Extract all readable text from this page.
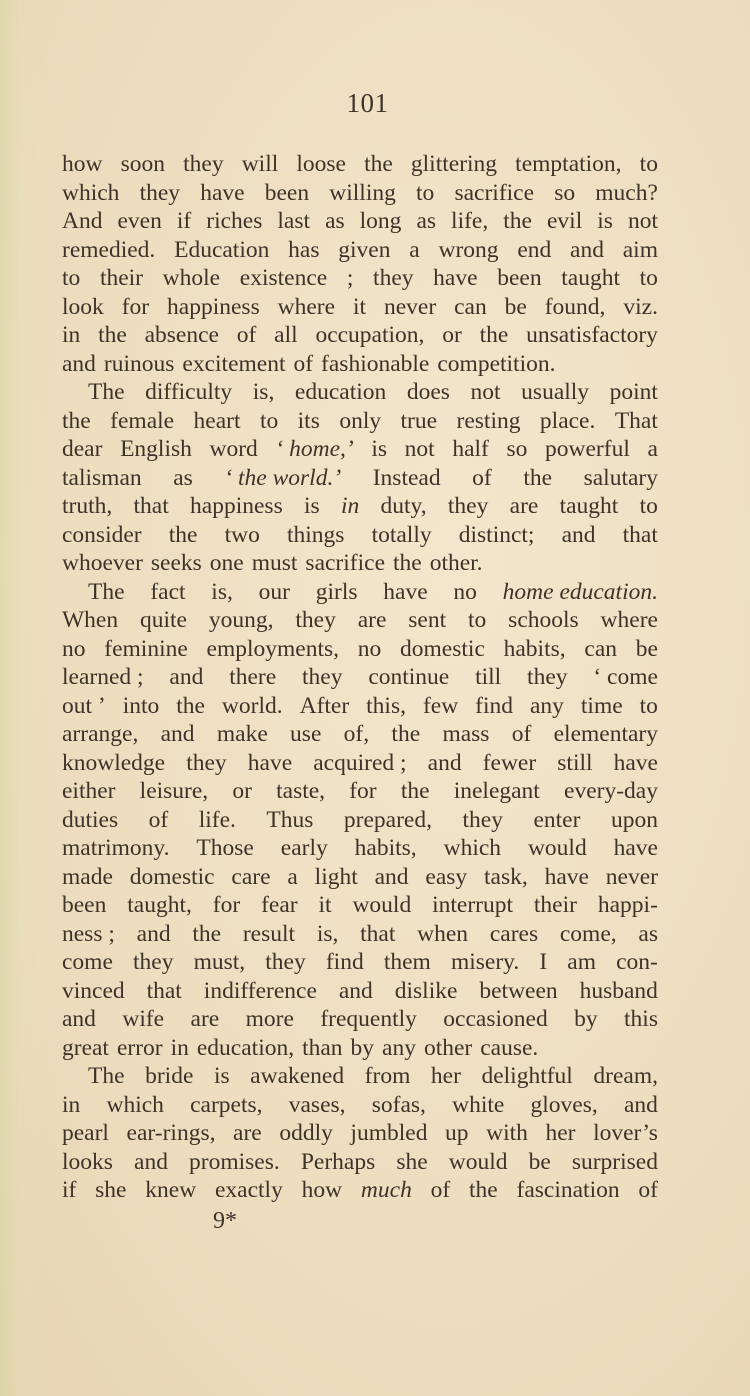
101
how soon they will loose the glittering temptation, to
which they have been willing to sacrifice so much?
And even if riches last as long as life, the evil is not
remedied. Education has given a wrong end and aim
to their whole existence ; they have been taught to
look for happiness where it never can be found, viz.
in the absence of all occupation, or the unsatisfactory
and ruinous excitement of fashionable competition.
The difficulty is, education does not usually point
the female heart to its only true resting place. That
dear English word ‘ home,’ is not half so powerful a
talisman as ‘ the world.’ Instead of the salutary
truth, that happiness is in duty, they are taught to
consider the two things totally distinct; and that
whoever seeks one must sacrifice the other.
The fact is, our girls have no home education.
When quite young, they are sent to schools where
no feminine employments, no domestic habits, can be
learned ; and there they continue till they ‘ come
out ’ into the world. After this, few find any time to
arrange, and make use of, the mass of elementary
knowledge they have acquired ; and fewer still have
either leisure, or taste, for the inelegant every-day
duties of life. Thus prepared, they enter upon
matrimony. Those early habits, which would have
made domestic care a light and easy task, have never
been taught, for fear it would interrupt their happi-
ness ; and the result is, that when cares come, as
come they must, they find them misery. I am con-
vinced that indifference and dislike between husband
and wife are more frequently occasioned by this
great error in education, than by any other cause.
The bride is awakened from her delightful dream,
in which carpets, vases, sofas, white gloves, and
pearl ear-rings, are oddly jumbled up with her lover’s
looks and promises. Perhaps she would be surprised
if she knew exactly how much of the fascination of
9*
